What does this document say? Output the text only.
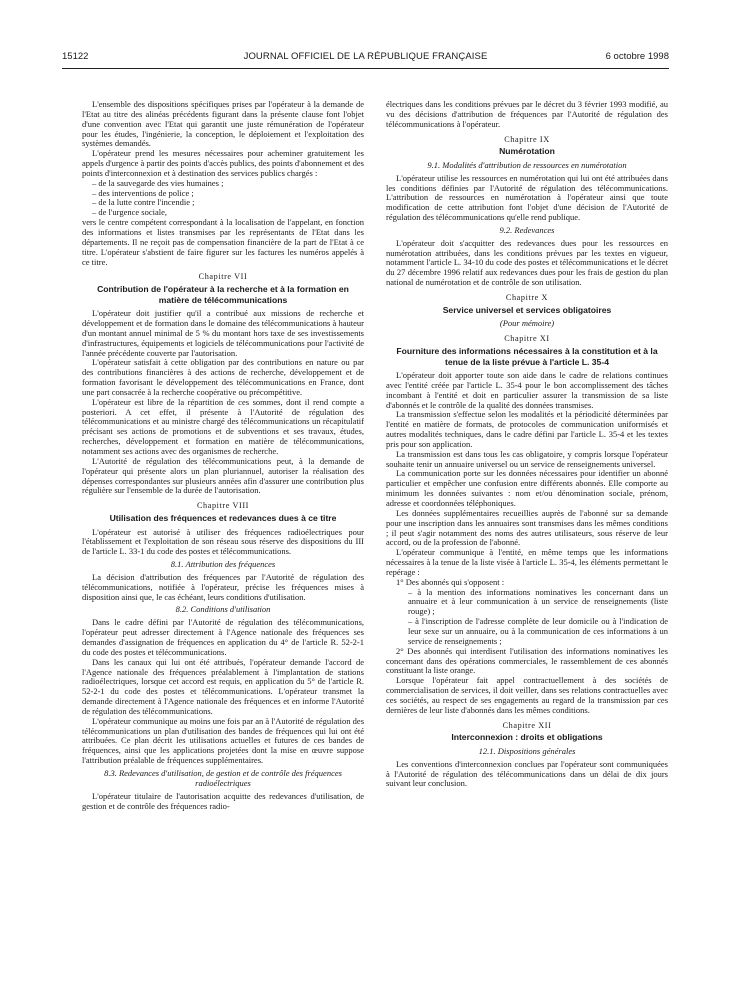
15122	JOURNAL OFFICIEL DE LA RÉPUBLIQUE FRANÇAISE	6 octobre 1998

L'ensemble des dispositions spécifiques prises par l'opérateur à la demande de l'Etat au titre des alinéas précédents figurant dans la présente clause font l'objet d'une convention avec l'Etat qui garantit une juste rémunération de l'opérateur pour les études, l'ingénierie, la conception, le déploiement et l'exploitation des systèmes demandés.

L'opérateur prend les mesures nécessaires pour acheminer gratuitement les appels d'urgence à partir des points d'accès publics, des points d'abonnement et des points d'interconnexion et à destination des services publics chargés :

– de la sauvegarde des vies humaines ;
– des interventions de police ;
– de la lutte contre l'incendie ;
– de l'urgence sociale,

vers le centre compétent correspondant à la localisation de l'appelant, en fonction des informations et listes transmises par les représentants de l'Etat dans les départements. Il ne reçoit pas de compensation financière de la part de l'Etat à ce titre. L'opérateur s'abstient de faire figurer sur les factures les numéros appelés à ce titre.

Chapitre VII
Contribution de l'opérateur à la recherche et à la formation en matière de télécommunications

L'opérateur doit justifier qu'il a contribué aux missions de recherche et développement et de formation dans le domaine des télécommunications à hauteur d'un montant annuel minimal de 5 % du montant hors taxe de ses investissements d'infrastructures, équipements et logiciels de télécommunications pour l'activité de l'année précédente couverte par l'autorisation.

L'opérateur satisfait à cette obligation par des contributions en nature ou par des contributions financières à des actions de recherche, développement et de formation favorisant le développement des télécommunications en France, dont une part consacrée à la recherche coopérative ou précompétitive.

L'opérateur est libre de la répartition de ces sommes, dont il rend compte a posteriori. A cet effet, il présente à l'Autorité de régulation des télécommunications et au ministre chargé des télécommunications un récapitulatif précisant ses actions de promotions et de subventions et ses travaux, études, recherches, développement et formation en matière de télécommunications, notamment ses actions avec des organismes de recherche.

L'Autorité de régulation des télécommunications peut, à la demande de l'opérateur qui présente alors un plan pluriannuel, autoriser la réalisation des dépenses correspondantes sur plusieurs années afin d'assurer une contribution plus régulière sur l'ensemble de la durée de l'autorisation.

Chapitre VIII
Utilisation des fréquences et redevances dues à ce titre

L'opérateur est autorisé à utiliser des fréquences radioélectriques pour l'établissement et l'exploitation de son réseau sous réserve des dispositions du III de l'article L. 33-1 du code des postes et télécommunications.

8.1. Attribution des fréquences

La décision d'attribution des fréquences par l'Autorité de régulation des télécommunications, notifiée à l'opérateur, précise les fréquences mises à disposition ainsi que, le cas échéant, leurs conditions d'utilisation.

8.2. Conditions d'utilisation

Dans le cadre défini par l'Autorité de régulation des télécommunications, l'opérateur peut adresser directement à l'Agence nationale des fréquences ses demandes d'assignation de fréquences en application du 4° de l'article R. 52-2-1 du code des postes et télécommunications.

Dans les canaux qui lui ont été attribués, l'opérateur demande l'accord de l'Agence nationale des fréquences préalablement à l'implantation de stations radioélectriques, lorsque cet accord est requis, en application du 5° de l'article R. 52-2-1 du code des postes et télécommunications. L'opérateur transmet la demande directement à l'Agence nationale des fréquences et en informe l'Autorité de régulation des télécommunications.

L'opérateur communique au moins une fois par an à l'Autorité de régulation des télécommunications un plan d'utilisation des bandes de fréquences qui lui ont été attribuées. Ce plan décrit les utilisations actuelles et futures de ces bandes de fréquences, ainsi que les applications projetées dont la mise en œuvre suppose l'attribution préalable de fréquences supplémentaires.

8.3. Redevances d'utilisation, de gestion et de contrôle des fréquences radioélectriques

L'opérateur titulaire de l'autorisation acquitte des redevances d'utilisation, de gestion et de contrôle des fréquences radio-

électriques dans les conditions prévues par le décret du 3 février 1993 modifié, au vu des décisions d'attribution de fréquences par l'Autorité de régulation des télécommunications à l'opérateur.

Chapitre IX
Numérotation
9.1. Modalités d'attribution de ressources en numérotation

L'opérateur utilise les ressources en numérotation qui lui ont été attribuées dans les conditions définies par l'Autorité de régulation des télécommunications. L'attribution de ressources en numérotation à l'opérateur ainsi que toute modification de cette attribution font l'objet d'une décision de l'Autorité de régulation des télécommunications qu'elle rend publique.

9.2. Redevances

L'opérateur doit s'acquitter des redevances dues pour les ressources en numérotation attribuées, dans les conditions prévues par les textes en vigueur, notamment l'article L. 34-10 du code des postes et télécommunications et le décret du 27 décembre 1996 relatif aux redevances dues pour les frais de gestion du plan national de numérotation et de contrôle de son utilisation.

Chapitre X
Service universel et services obligatoires
(Pour mémoire)
Chapitre XI
Fourniture des informations nécessaires à la constitution et à la tenue de la liste prévue à l'article L. 35-4

L'opérateur doit apporter toute son aide dans le cadre de relations continues avec l'entité créée par l'article L. 35-4 pour le bon accomplissement des tâches incombant à l'entité et doit en particulier assurer la transmission de sa liste d'abonnés et le contrôle de la qualité des données transmises.

La transmission s'effectue selon les modalités et la périodicité déterminées par l'entité en matière de formats, de protocoles de communication uniformisés et autres modalités techniques, dans le cadre défini par l'article L. 35-4 et les textes pris pour son application.

La transmission est dans tous les cas obligatoire, y compris lorsque l'opérateur souhaite tenir un annuaire universel ou un service de renseignements universel.

La communication porte sur les données nécessaires pour identifier un abonné particulier et empêcher une confusion entre différents abonnés. Elle comporte au minimum les données suivantes : nom et/ou dénomination sociale, prénom, adresse et coordonnées téléphoniques.

Les données supplémentaires recueillies auprès de l'abonné sur sa demande pour une inscription dans les annuaires sont transmises dans les mêmes conditions ; il peut s'agir notamment des noms des autres utilisateurs, sous réserve de leur accord, ou de la profession de l'abonné.

L'opérateur communique à l'entité, en même temps que les informations nécessaires à la tenue de la liste visée à l'article L. 35-4, les éléments permettant le repérage :

1° Des abonnés qui s'opposent :
– à la mention des informations nominatives les concernant dans un annuaire et à leur communication à un service de renseignements (liste rouge) ;
– à l'inscription de l'adresse complète de leur domicile ou à l'indication de leur sexe sur un annuaire, ou à la communication de ces informations à un service de renseignements ;

2° Des abonnés qui interdisent l'utilisation des informations nominatives les concernant dans des opérations commerciales, le rassemblement de ces abonnés constituant la liste orange.

Lorsque l'opérateur fait appel contractuellement à des sociétés de commercialisation de services, il doit veiller, dans ses relations contractuelles avec ces sociétés, au respect de ses engagements au regard de la transmission par ces dernières de leur liste d'abonnés dans les mêmes conditions.

Chapitre XII
Interconnexion : droits et obligations
12.1. Dispositions générales

Les conventions d'interconnexion conclues par l'opérateur sont communiquées à l'Autorité de régulation des télécommunications dans un délai de dix jours suivant leur conclusion.
